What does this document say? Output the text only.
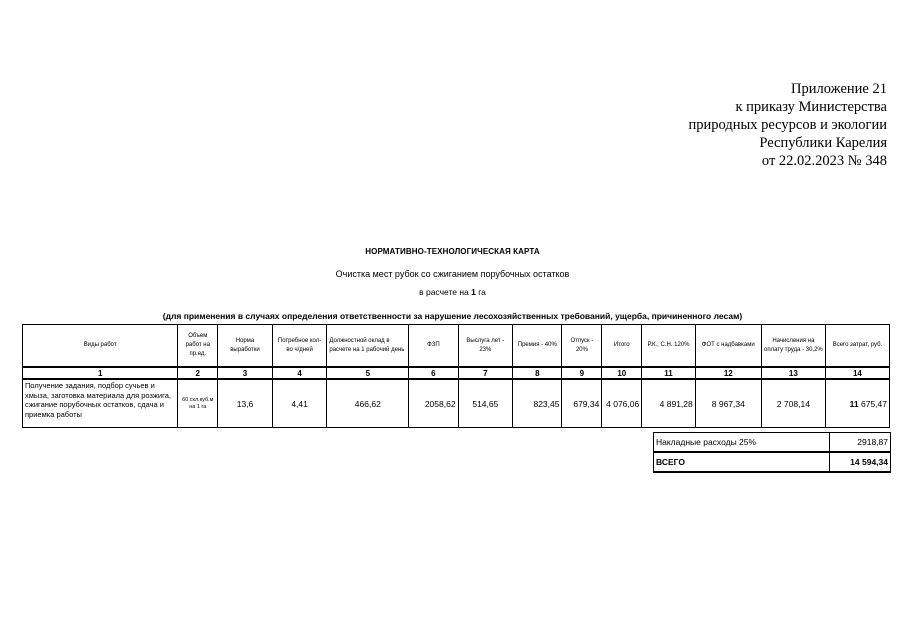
Приложение 21
к приказу Министерства
природных ресурсов и экологии
Республики Карелия
от 22.02.2023 № 348
НОРМАТИВНО-ТЕХНОЛОГИЧЕСКАЯ КАРТА
Очистка мест рубок со сжиганием порубочных остатков
в расчете на 1 га
(для применения в случаях определения ответственности за нарушение лесохозяйственных требований, ущерба, причиненного лесам)
Виды работ	Объем работ на пр.ед.	Норма выработки	Потребное кол-во ч/дней	Должностной оклад в расчете на 1 рабочий день	ФЗП	Выслуга лет - 23%	Премия - 40%	Отпуск - 20%	Итого	Р.К., С.Н. 120%	ФОТ с надбавками	Начисления на оплату труда - 30,2%	Всего затрат, руб.
1	2	3	4	5	6	7	8	9	10	11	12	13	14
Получение задания, подбор сучьев и хмыза, заготовка материала для розжига, сжигание порубочных остатков, сдача и приемка работы	60 скл.куб.м на 1 га	13,6	4,41	466,62	2058,62	514,65	823,45	679,34	4 076,06	4 891,28	8 967,34	2 708,14	11 675,47
Накладные расходы 25%	2918,87
ВСЕГО	14 594,34
